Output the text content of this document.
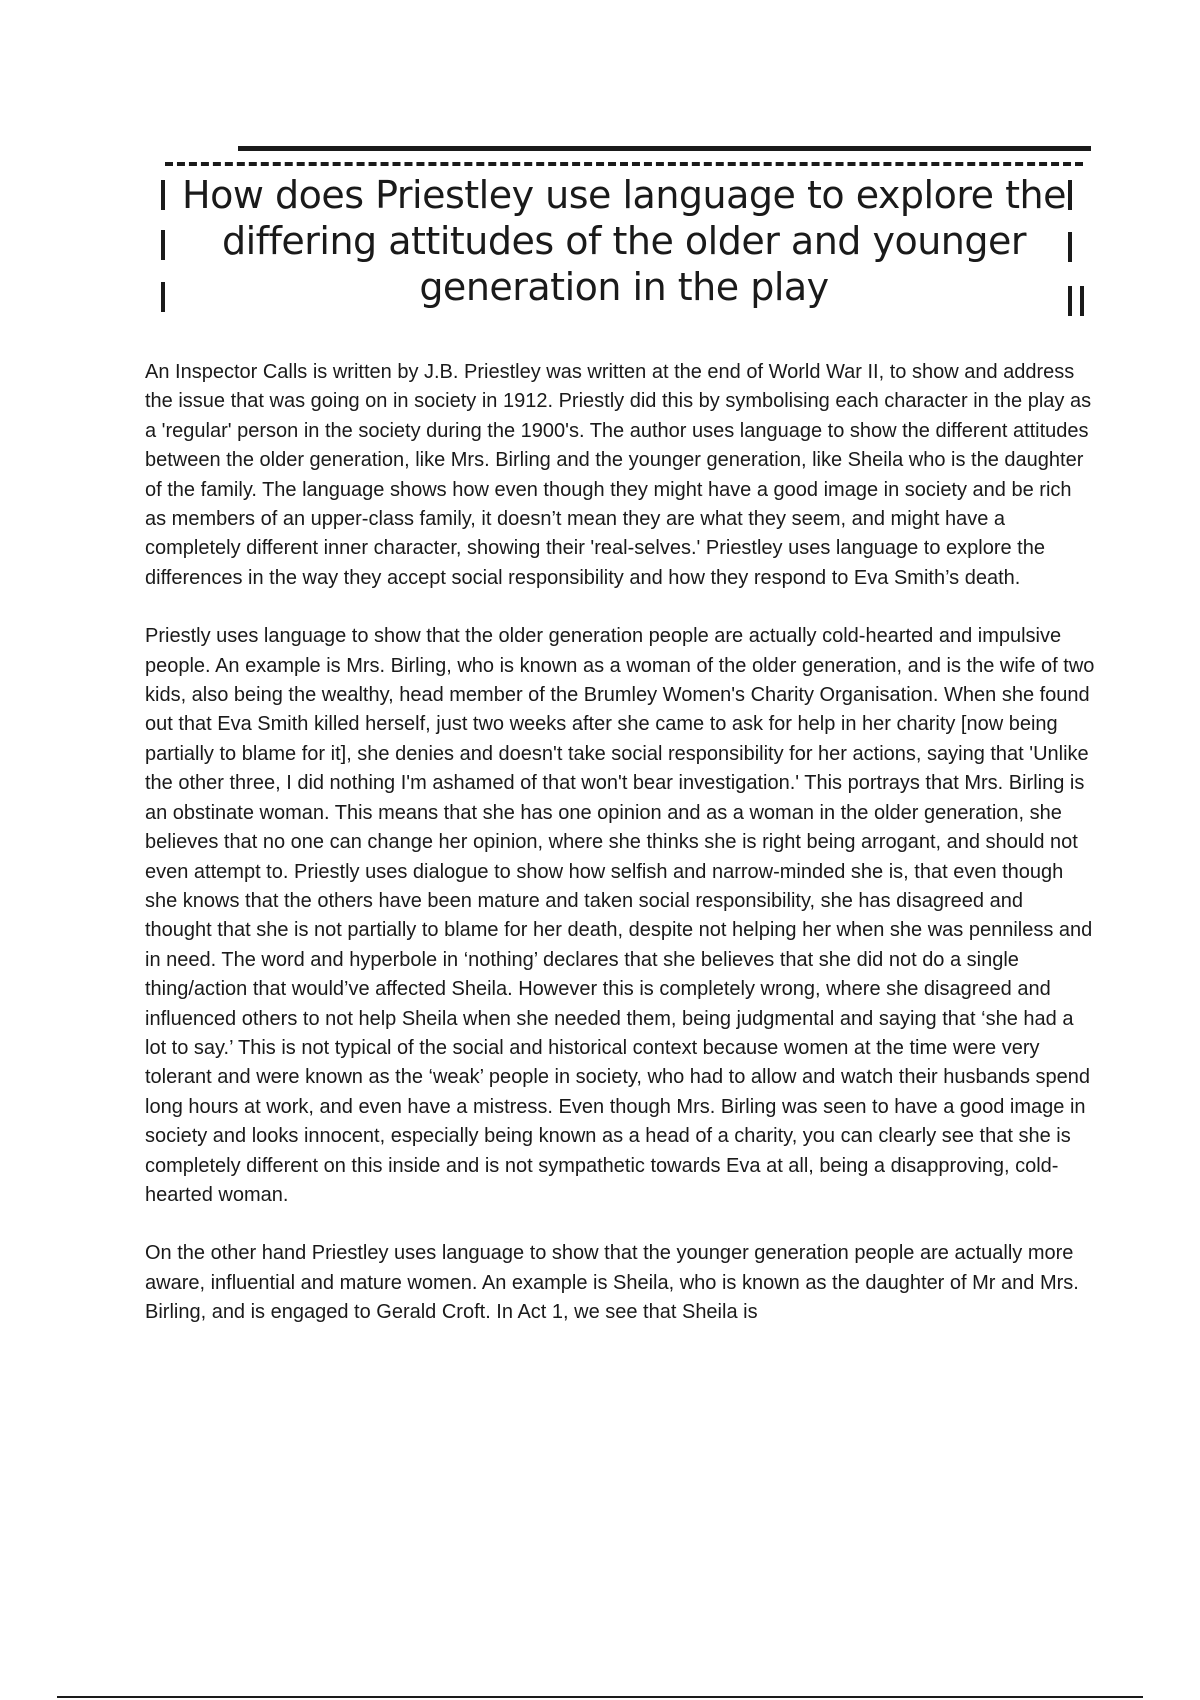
How does Priestley use language to explore the differing attitudes of the older and younger generation in the play

An Inspector Calls is written by J.B. Priestley was written at the end of World War II, to show and address the issue that was going on in society in 1912. Priestly did this by symbolising each character in the play as a 'regular' person in the society during the 1900's. The author uses language to show the different attitudes between the older generation, like Mrs. Birling and the younger generation, like Sheila who is the daughter of the family. The language shows how even though they might have a good image in society and be rich as members of an upper-class family, it doesn’t mean they are what they seem, and might have a completely different inner character, showing their 'real-selves.' Priestley uses language to explore the differences in the way they accept social responsibility and how they respond to Eva Smith’s death.

Priestly uses language to show that the older generation people are actually cold-hearted and impulsive people. An example is Mrs. Birling, who is known as a woman of the older generation, and is the wife of two kids, also being the wealthy, head member of the Brumley Women's Charity Organisation. When she found out that Eva Smith killed herself, just two weeks after she came to ask for help in her charity [now being partially to blame for it], she denies and doesn't take social responsibility for her actions, saying that 'Unlike the other three, I did nothing I'm ashamed of that won't bear investigation.' This portrays that Mrs. Birling is an obstinate woman. This means that she has one opinion and as a woman in the older generation, she believes that no one can change her opinion, where she thinks she is right being arrogant, and should not even attempt to. Priestly uses dialogue to show how selfish and narrow-minded she is, that even though she knows that the others have been mature and taken social responsibility, she has disagreed and thought that she is not partially to blame for her death, despite not helping her when she was penniless and in need. The word and hyperbole in ‘nothing’ declares that she believes that she did not do a single thing/action that would’ve affected Sheila. However this is completely wrong, where she disagreed and influenced others to not help Sheila when she needed them, being judgmental and saying that ‘she had a lot to say.’ This is not typical of the social and historical context because women at the time were very tolerant and were known as the ‘weak’ people in society, who had to allow and watch their husbands spend long hours at work, and even have a mistress. Even though Mrs. Birling was seen to have a good image in society and looks innocent, especially being known as a head of a charity, you can clearly see that she is completely different on this inside and is not sympathetic towards Eva at all, being a disapproving, cold-hearted woman.

On the other hand Priestley uses language to show that the younger generation people are actually more aware, influential and mature women. An example is Sheila, who is known as the daughter of Mr and Mrs. Birling, and is engaged to Gerald Croft. In Act 1, we see that Sheila is
